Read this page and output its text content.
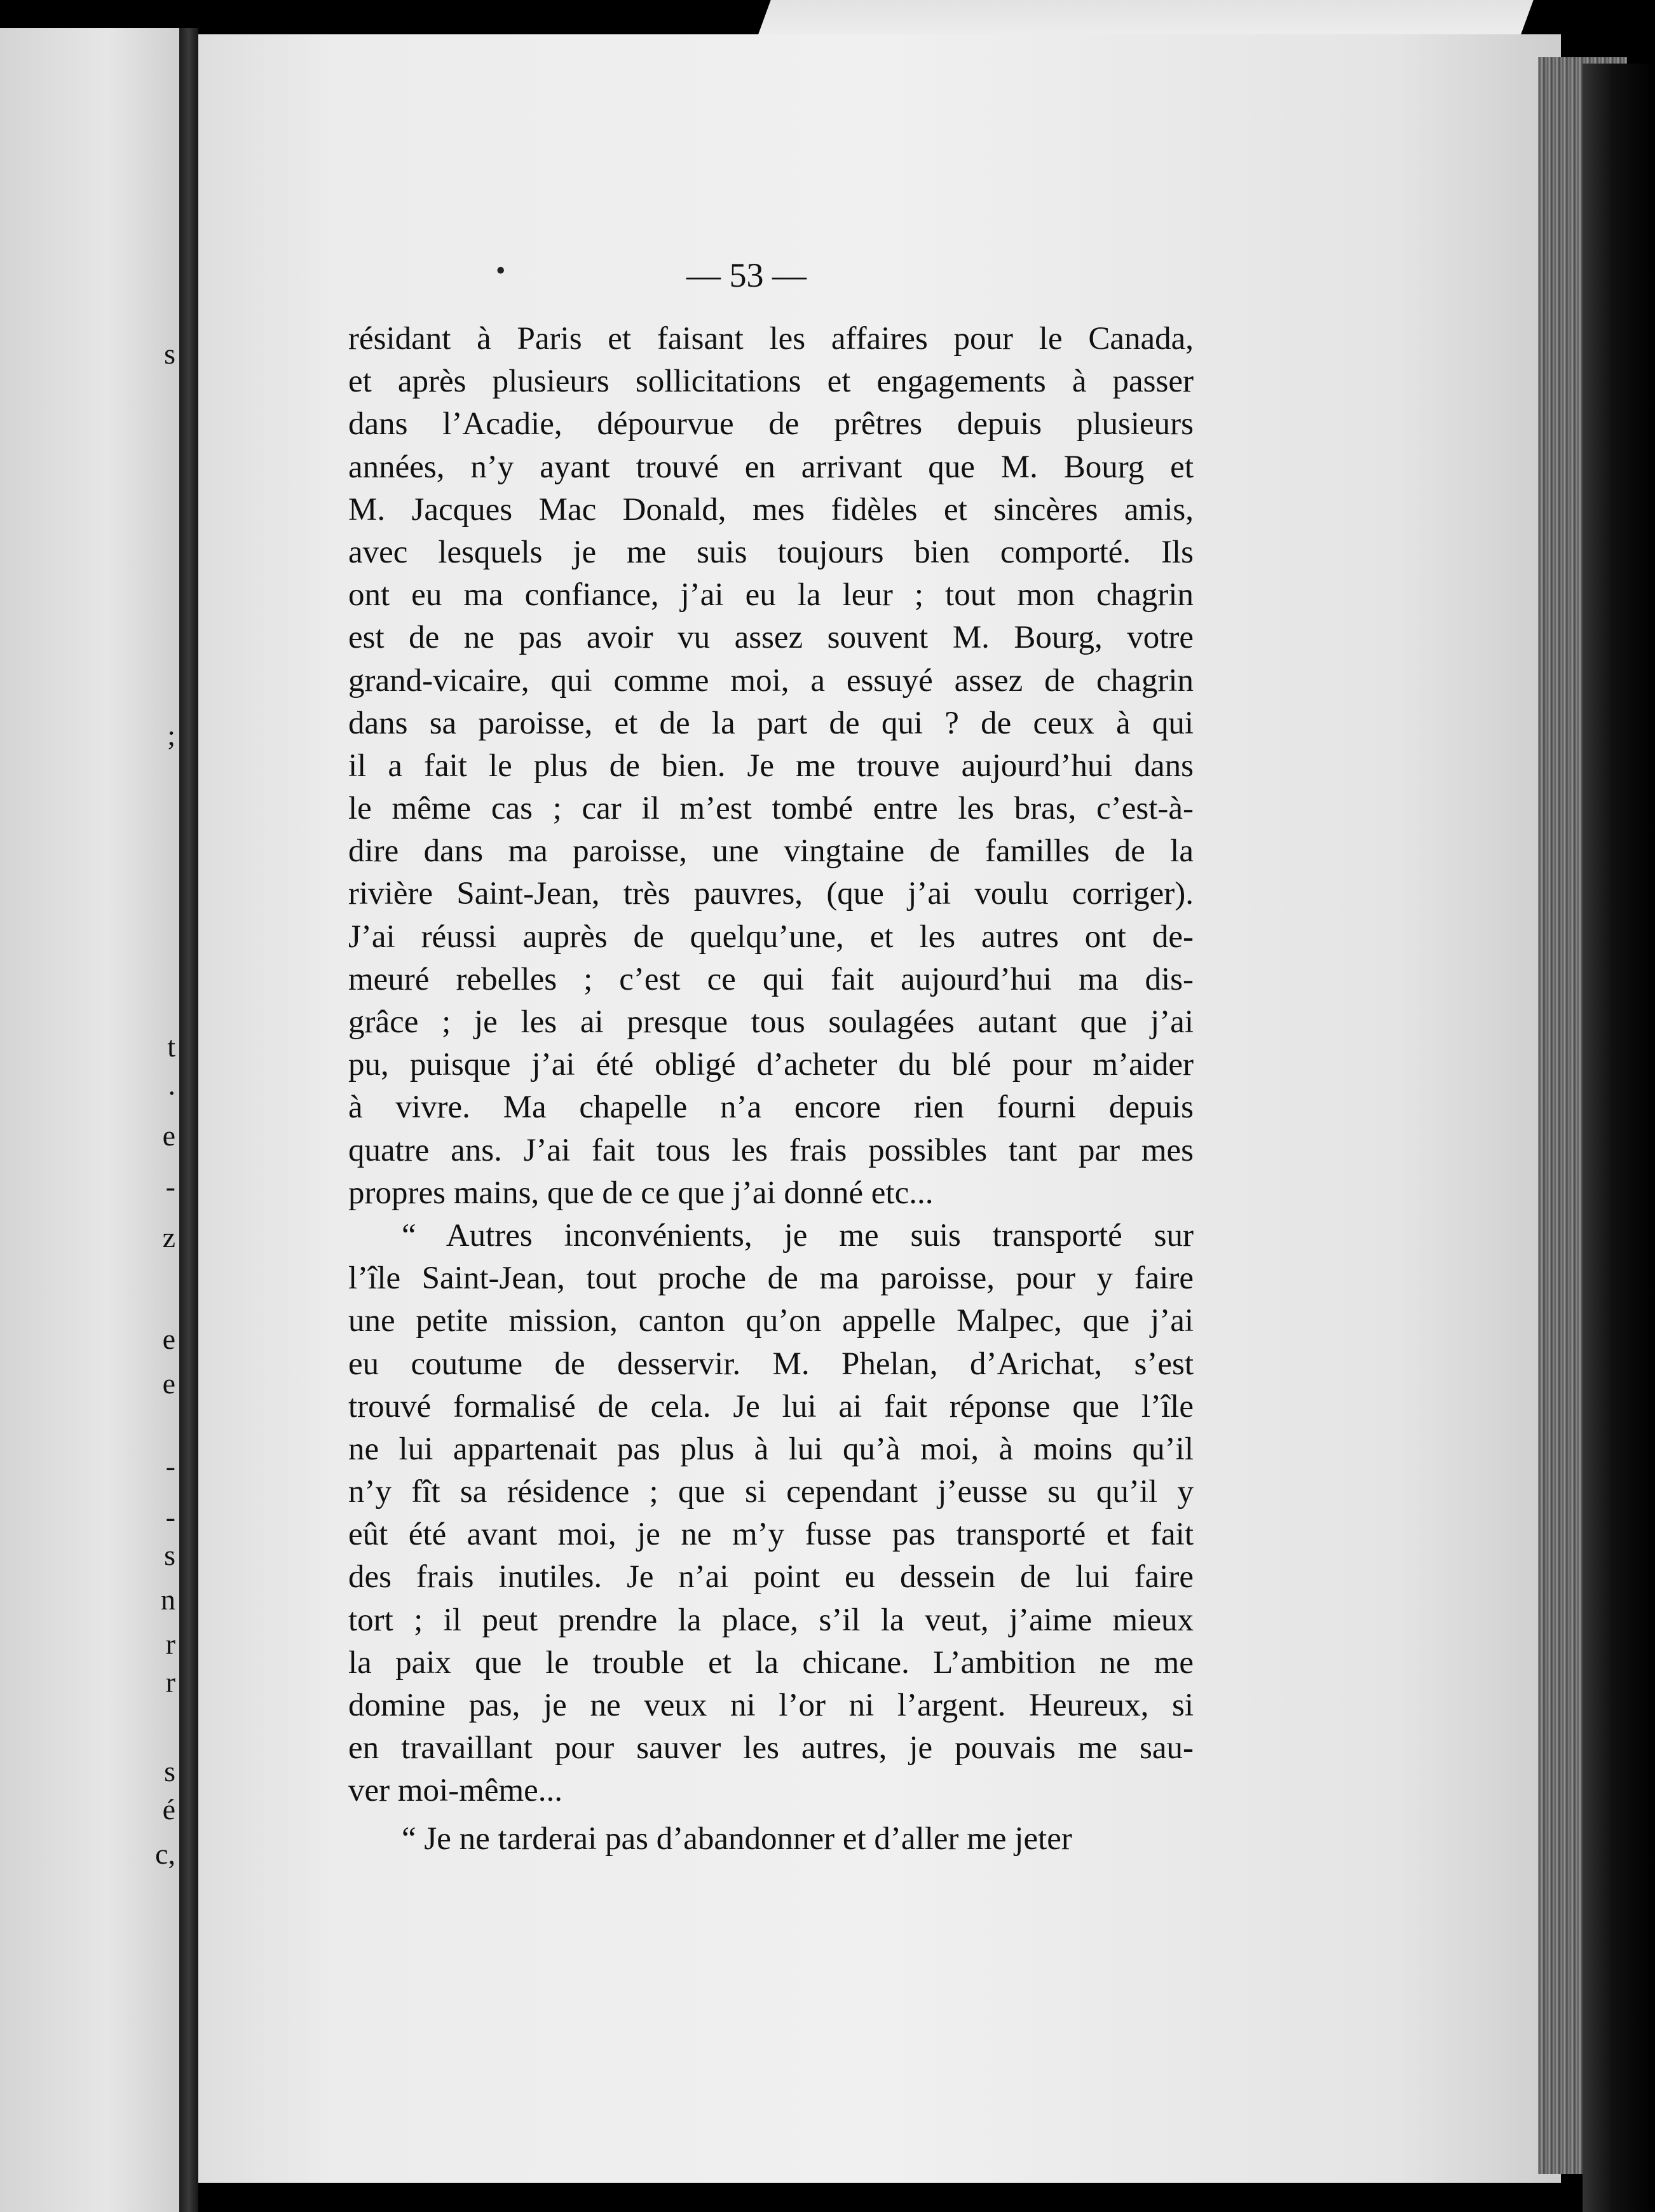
s
;
t
.
e
-
z
e
e
-
-
s
n
r
r
s
é
c,
•	— 53 —
résidant à Paris et faisant les affaires pour le Canada,
et après plusieurs sollicitations et engagements à passer
dans l’Acadie, dépourvue de prêtres depuis plusieurs
années, n’y ayant trouvé en arrivant que M. Bourg et
M. Jacques Mac Donald, mes fidèles et sincères amis,
avec lesquels je me suis toujours bien comporté. Ils
ont eu ma confiance, j’ai eu la leur ; tout mon chagrin
est de ne pas avoir vu assez souvent M. Bourg, votre
grand-vicaire, qui comme moi, a essuyé assez de chagrin
dans sa paroisse, et de la part de qui ? de ceux à qui
il a fait le plus de bien. Je me trouve aujourd’hui dans
le même cas ; car il m’est tombé entre les bras, c’est-à-
dire dans ma paroisse, une vingtaine de familles de la
rivière Saint-Jean, très pauvres, (que j’ai voulu corriger).
J’ai réussi auprès de quelqu’une, et les autres ont de-
meuré rebelles ; c’est ce qui fait aujourd’hui ma dis-
grâce ; je les ai presque tous soulagées autant que j’ai
pu, puisque j’ai été obligé d’acheter du blé pour m’aider
à vivre. Ma chapelle n’a encore rien fourni depuis
quatre ans. J’ai fait tous les frais possibles tant par mes
propres mains, que de ce que j’ai donné etc...
“ Autres inconvénients, je me suis transporté sur
l’île Saint-Jean, tout proche de ma paroisse, pour y faire
une petite mission, canton qu’on appelle Malpec, que j’ai
eu coutume de desservir. M. Phelan, d’Arichat, s’est
trouvé formalisé de cela. Je lui ai fait réponse que l’île
ne lui appartenait pas plus à lui qu’à moi, à moins qu’il
n’y fît sa résidence ; que si cependant j’eusse su qu’il y
eût été avant moi, je ne m’y fusse pas transporté et fait
des frais inutiles. Je n’ai point eu dessein de lui faire
tort ; il peut prendre la place, s’il la veut, j’aime mieux
la paix que le trouble et la chicane. L’ambition ne me
domine pas, je ne veux ni l’or ni l’argent. Heureux, si
en travaillant pour sauver les autres, je pouvais me sau-
ver moi-même...
“ Je ne tarderai pas d’abandonner et d’aller me jeter
